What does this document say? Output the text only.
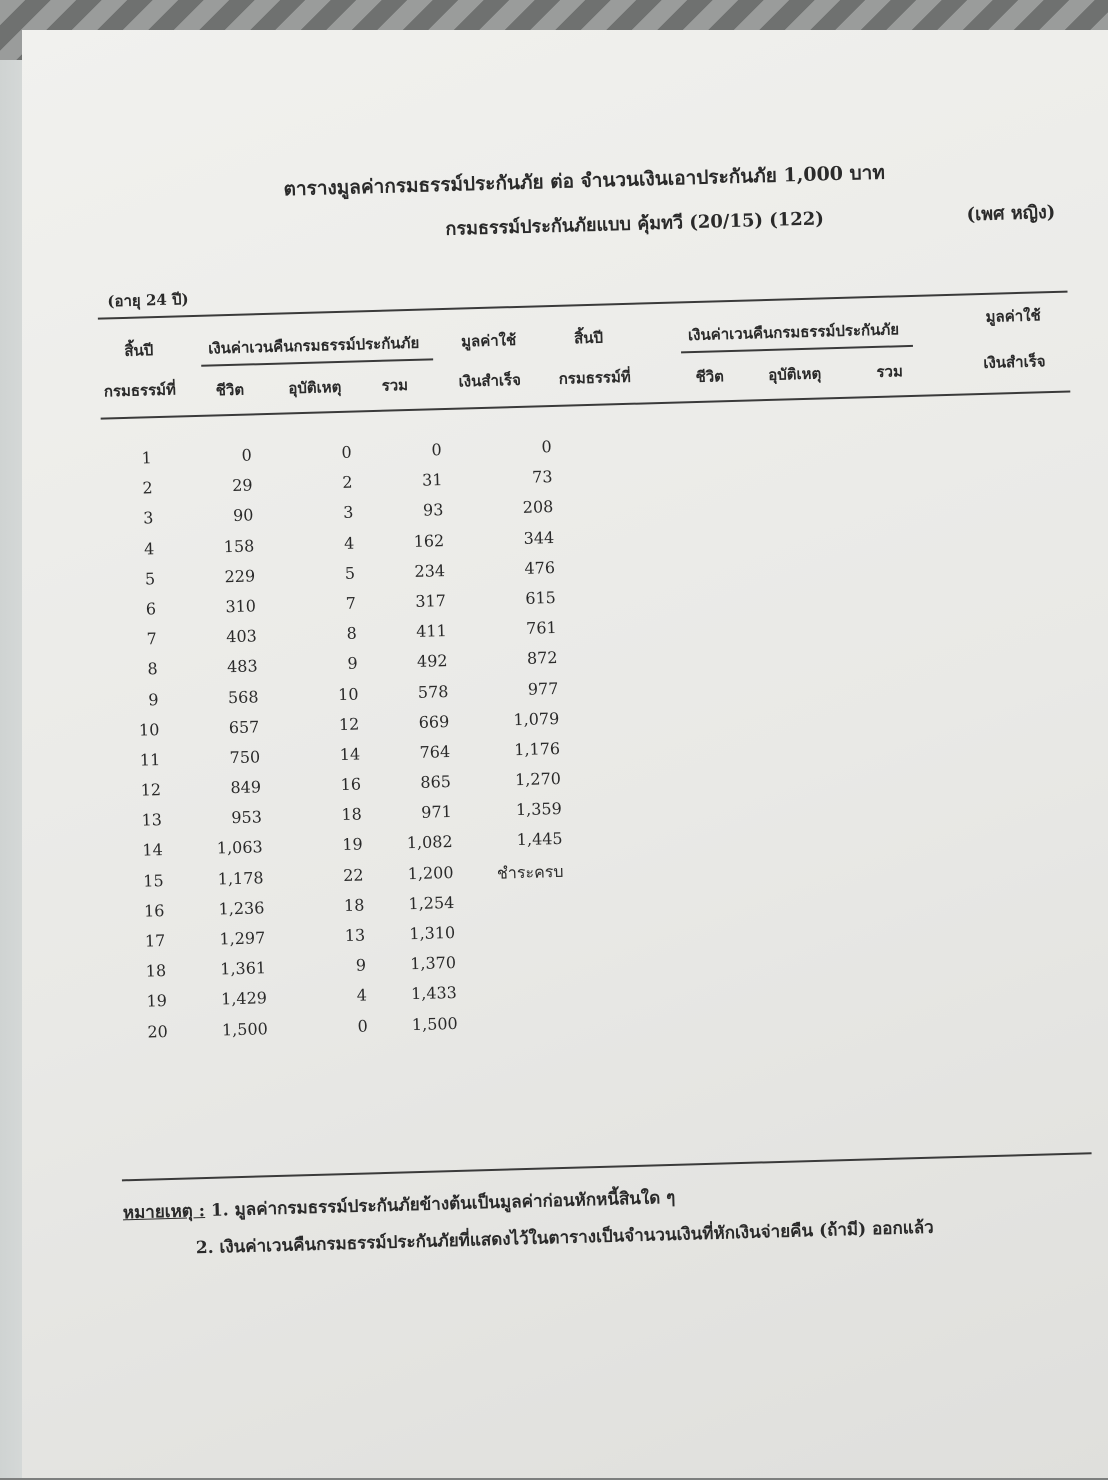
ตารางมูลค่ากรมธรรม์ประกันภัย ต่อ จำนวนเงินเอาประกันภัย 1,000 บาท
กรมธรรม์ประกันภัยแบบ คุ้มทวี (20/15) (122)	(เพศ หญิง)
(อายุ 24 ปี)
สิ้นปี
กรมธรรม์ที่
เงินค่าเวนคืนกรมธรรม์ประกันภัย
ชีวิต	อุบัติเหตุ	รวม
มูลค่าใช้
เงินสำเร็จ
สิ้นปี
กรมธรรม์ที่
เงินค่าเวนคืนกรมธรรม์ประกันภัย
ชีวิต	อุบัติเหตุ	รวม
มูลค่าใช้
เงินสำเร็จ
1	0	0	0	0
2	29	2	31	73
3	90	3	93	208
4	158	4	162	344
5	229	5	234	476
6	310	7	317	615
7	403	8	411	761
8	483	9	492	872
9	568	10	578	977
10	657	12	669	1,079
11	750	14	764	1,176
12	849	16	865	1,270
13	953	18	971	1,359
14	1,063	19	1,082	1,445
15	1,178	22	1,200	ชำระครบ
16	1,236	18	1,254
17	1,297	13	1,310
18	1,361	9	1,370
19	1,429	4	1,433
20	1,500	0	1,500
หมายเหตุ : 1. มูลค่ากรมธรรม์ประกันภัยข้างต้นเป็นมูลค่าก่อนหักหนี้สินใด ๆ
2. เงินค่าเวนคืนกรมธรรม์ประกันภัยที่แสดงไว้ในตารางเป็นจำนวนเงินที่หักเงินจ่ายคืน (ถ้ามี) ออกแล้ว
